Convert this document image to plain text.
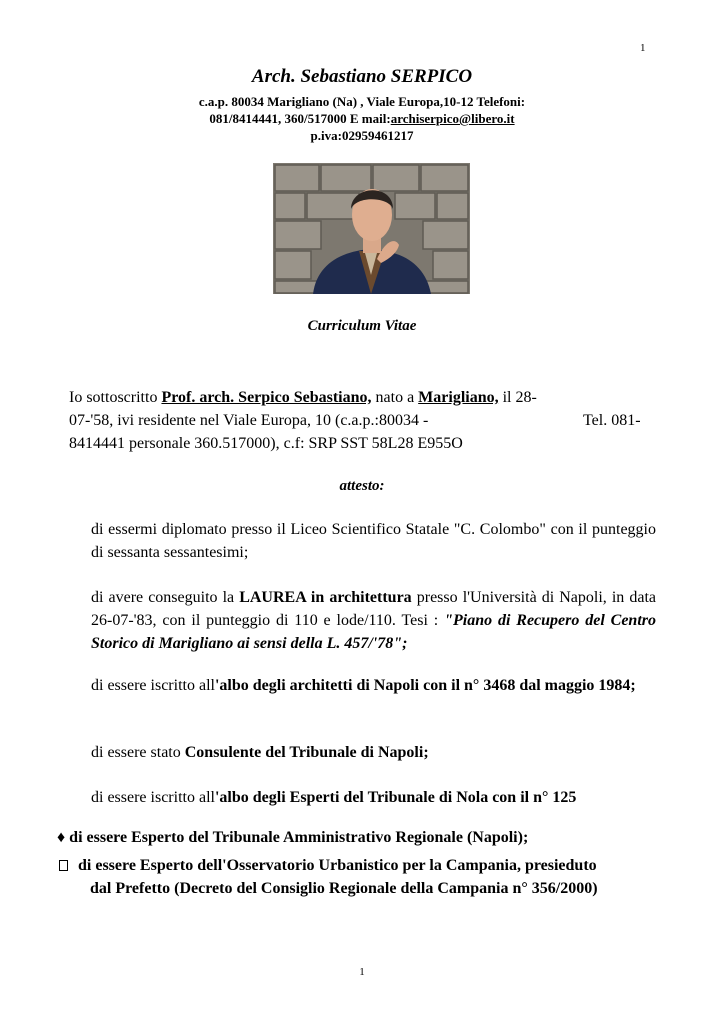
1
Arch. Sebastiano SERPICO
c.a.p. 80034 Marigliano (Na) , Viale Europa,10-12 Telefoni:
081/8414441, 360/517000 E mail:archiserpico@libero.it
p.iva:02959461217
Curriculum Vitae
Io sottoscritto Prof. arch. Serpico Sebastiano, nato a Marigliano, il 28-
07-'58, ivi residente nel Viale Europa, 10 (c.a.p.:80034 -	Tel. 081-
8414441 personale 360.517000), c.f: SRP SST 58L28 E955O
attesto:
di essermi diplomato presso il Liceo Scientifico Statale "C. Colombo" con il punteggio di sessanta sessantesimi;
di avere conseguito la LAUREA in architettura presso l'Università di Napoli, in data 26-07-'83, con il punteggio di 110 e lode/110. Tesi : "Piano di Recupero del Centro Storico di Marigliano ai sensi della L. 457/'78";
di essere iscritto all'albo degli architetti di Napoli con il n° 3468 dal maggio 1984;
di essere stato Consulente del Tribunale di Napoli;
di essere iscritto all'albo degli Esperti del Tribunale di Nola con il n° 125
♦ di essere Esperto del Tribunale Amministrativo Regionale (Napoli);
di essere Esperto dell'Osservatorio Urbanistico per la Campania, presieduto
dal Prefetto (Decreto del Consiglio Regionale della Campania n° 356/2000)
1
